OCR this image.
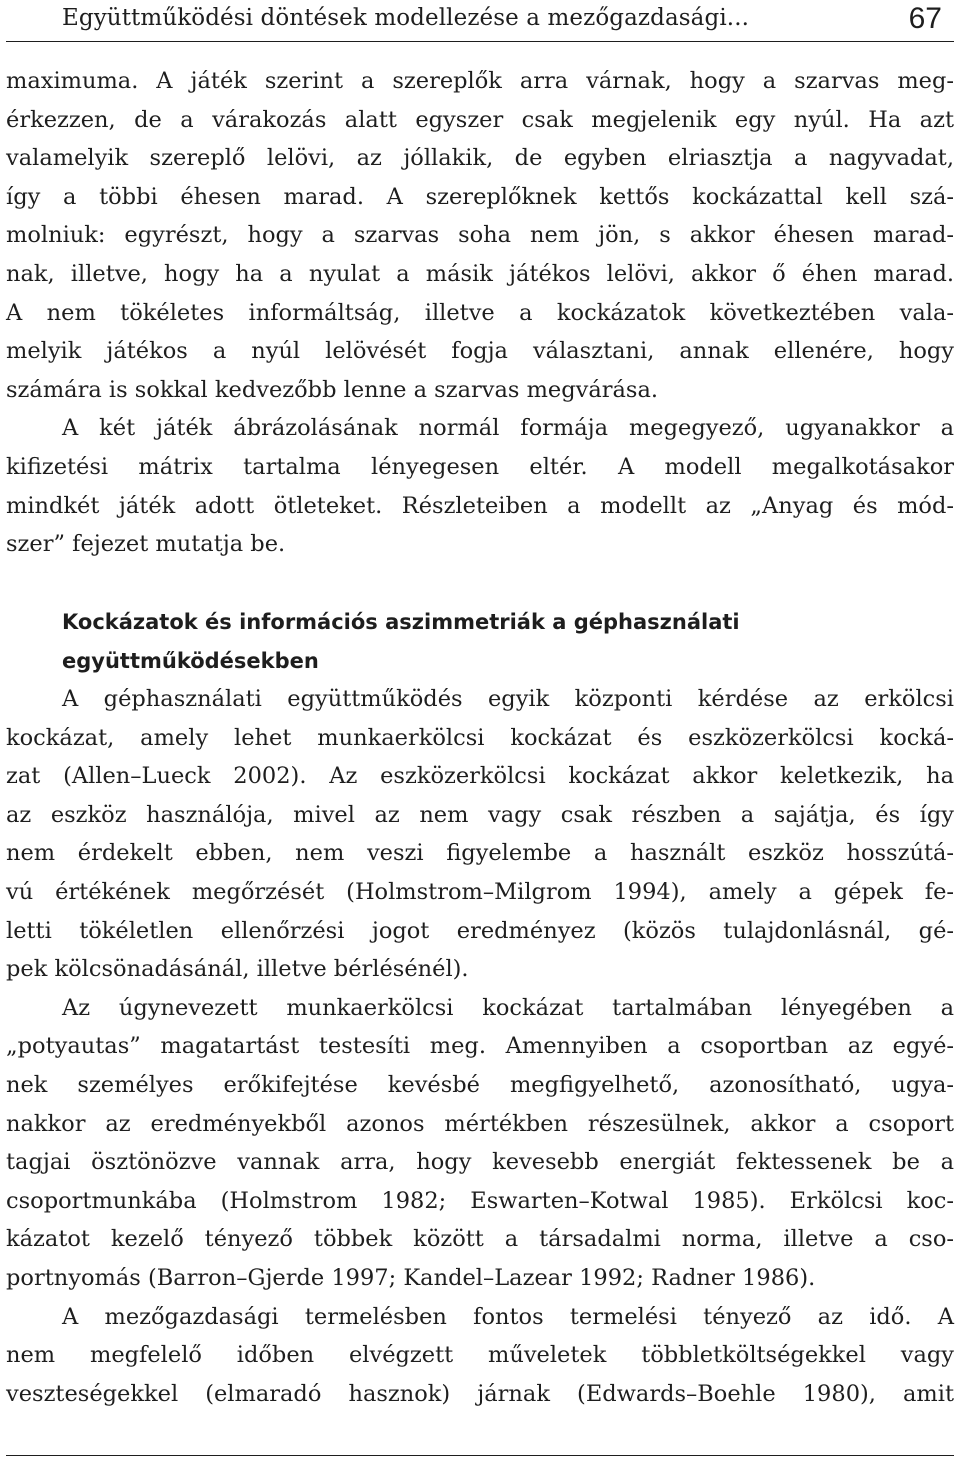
Együttműködési döntések modellezése a mezőgazdasági...	67
maximuma. A játék szerint a szereplők arra várnak, hogy a szarvas meg-
érkezzen, de a várakozás alatt egyszer csak megjelenik egy nyúl. Ha azt
valamelyik szereplő lelövi, az jóllakik, de egyben elriasztja a nagyvadat,
így a többi éhesen marad. A szereplőknek kettős kockázattal kell szá-
molniuk: egyrészt, hogy a szarvas soha nem jön, s akkor éhesen marad-
nak, illetve, hogy ha a nyulat a másik játékos lelövi, akkor ő éhen marad.
A nem tökéletes informáltság, illetve a kockázatok következtében vala-
melyik játékos a nyúl lelövését fogja választani, annak ellenére, hogy
számára is sokkal kedvezőbb lenne a szarvas megvárása.
A két játék ábrázolásának normál formája megegyező, ugyanakkor a
kifizetési mátrix tartalma lényegesen eltér. A modell megalkotásakor
mindkét játék adott ötleteket. Részleteiben a modellt az „Anyag és mód-
szer” fejezet mutatja be.
Kockázatok és információs aszimmetriák a géphasználati
együttműködésekben
A géphasználati együttműködés egyik központi kérdése az erkölcsi
kockázat, amely lehet munkaerkölcsi kockázat és eszközerkölcsi kocká-
zat (Allen–Lueck 2002). Az eszközerkölcsi kockázat akkor keletkezik, ha
az eszköz használója, mivel az nem vagy csak részben a sajátja, és így
nem érdekelt ebben, nem veszi figyelembe a használt eszköz hosszútá-
vú értékének megőrzését (Holmstrom–Milgrom 1994), amely a gépek fe-
letti tökéletlen ellenőrzési jogot eredményez (közös tulajdonlásnál, gé-
pek kölcsönadásánál, illetve bérlésénél).
Az úgynevezett munkaerkölcsi kockázat tartalmában lényegében a
„potyautas” magatartást testesíti meg. Amennyiben a csoportban az egyé-
nek személyes erőkifejtése kevésbé megfigyelhető, azonosítható, ugya-
nakkor az eredményekből azonos mértékben részesülnek, akkor a csoport
tagjai ösztönözve vannak arra, hogy kevesebb energiát fektessenek be a
csoportmunkába (Holmstrom 1982; Eswarten–Kotwal 1985). Erkölcsi koc-
kázatot kezelő tényező többek között a társadalmi norma, illetve a cso-
portnyomás (Barron–Gjerde 1997; Kandel–Lazear 1992; Radner 1986).
A mezőgazdasági termelésben fontos termelési tényező az idő. A
nem megfelelő időben elvégzett műveletek többletköltségekkel vagy
veszteségekkel (elmaradó hasznok) járnak (Edwards–Boehle 1980), amit
